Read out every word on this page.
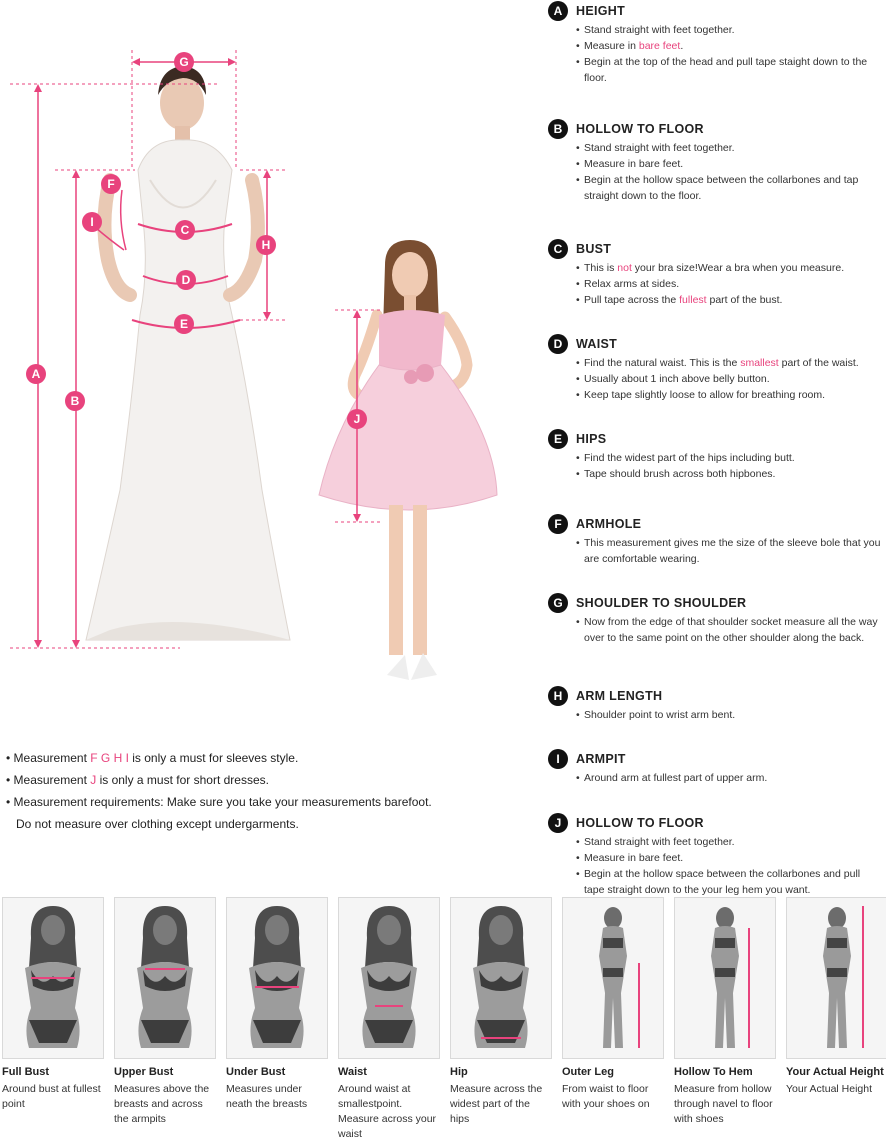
G
F
I
C
H
D
E
A
B
J

• Measurement F G H I is only a must for sleeves style.

• Measurement J is only a must for short dresses.

• Measurement requirements: Make sure you take your measurements barefoot.

Do not measure over clothing except undergarments.

A	HEIGHT
• Stand straight with feet together.
• Measure in bare feet.
• Begin at the top of the head and pull tape staight down to the floor.
B	HOLLOW TO FLOOR
• Stand straight with feet together.
• Measure in bare feet.
• Begin at the hollow space between the collarbones and tap straight down to the floor.
C	BUST
• This is not your bra size!Wear a bra when you measure.
• Relax arms at sides.
• Pull tape across the fullest part of the bust.
D	WAIST
• Find the natural waist. This is the smallest part of the waist.
• Usually about 1 inch above belly button.
• Keep tape slightly loose to allow for breathing room.
E	HIPS
• Find the widest part of the hips including butt.
• Tape should brush across both hipbones.
F	ARMHOLE
• This measurement gives me the size of the sleeve bole that you are comfortable wearing.
G	SHOULDER TO SHOULDER
• Now from the edge of that shoulder socket measure all the way over to the same point on the other shoulder along the back.
H	ARM LENGTH
• Shoulder point to wrist arm bent.
I	ARMPIT
• Around arm at fullest part of upper arm.
J	HOLLOW TO FLOOR
• Stand straight with feet together.
• Measure in bare feet.
• Begin at the hollow space between the collarbones and pull tape straight down to the your leg hem you want.
Full Bust
Around bust at fullest point
Upper Bust
Measures above the breasts and across the armpits
Under Bust
Measures under neath the breasts
Waist
Around waist at smallestpoint. Measure across your waist
Hip
Measure across the widest part of the hips
Outer Leg
From waist to floor with your shoes on
Hollow To Hem
Measure from hollow through navel to floor with shoes
Your Actual Height
Your Actual Height
